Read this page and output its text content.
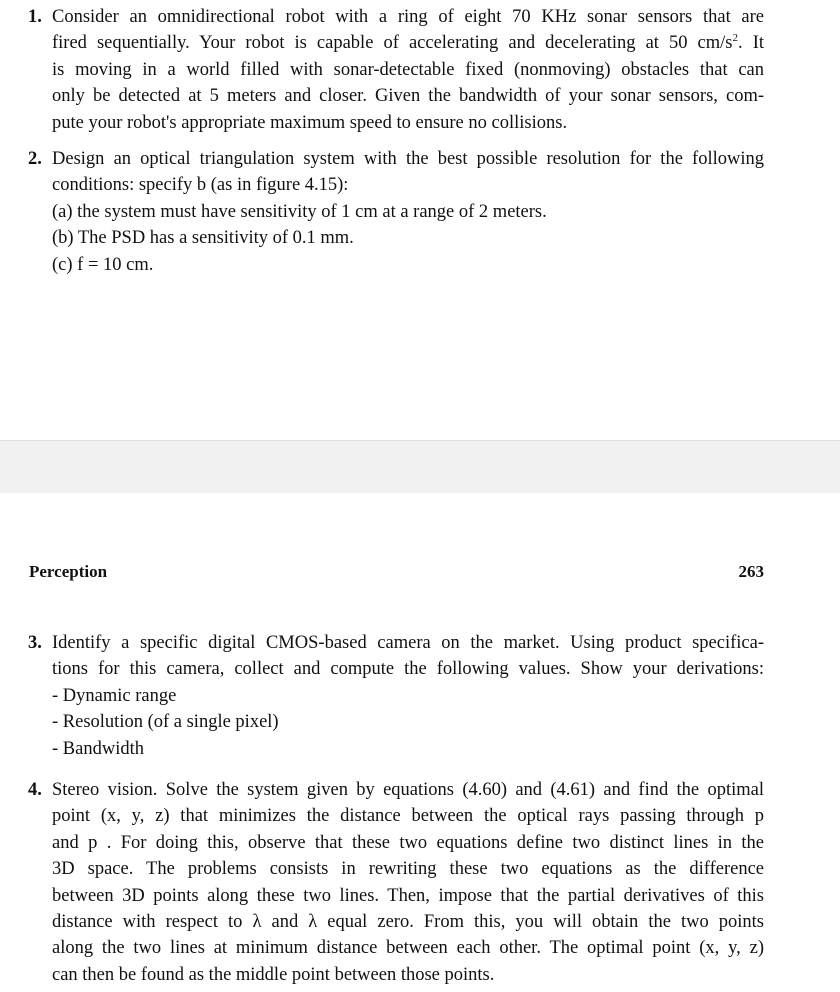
1. Consider an omnidirectional robot with a ring of eight 70 KHz sonar sensors that are
fired sequentially. Your robot is capable of accelerating and decelerating at 50 $cm/s^2$. It
is moving in a world filled with sonar-detectable fixed (nonmoving) obstacles that can
only be detected at 5 meters and closer. Given the bandwidth of your sonar sensors, com-
pute your robot's appropriate maximum speed to ensure no collisions.
2. Design an optical triangulation system with the best possible resolution for the following
conditions: specify b (as in figure 4.15):
(a) the system must have sensitivity of 1 cm at a range of 2 meters.
(b) The PSD has a sensitivity of 0.1 mm.
(c) f = 10 cm.
Perception	263
3. Identify a specific digital CMOS-based camera on the market. Using product specifica-
tions for this camera, collect and compute the following values. Show your derivations:
- Dynamic range
- Resolution (of a single pixel)
- Bandwidth
4. Stereo vision. Solve the system given by equations (4.60) and (4.61) and find the optimal
point (x, y, z) that minimizes the distance between the optical rays passing through p
and p . For doing this, observe that these two equations define two distinct lines in the
3D space. The problems consists in rewriting these two equations as the difference
between 3D points along these two lines. Then, impose that the partial derivatives of this
distance with respect to λ and λ equal zero. From this, you will obtain the two points
along the two lines at minimum distance between each other. The optimal point (x, y, z)
can then be found as the middle point between those points.
